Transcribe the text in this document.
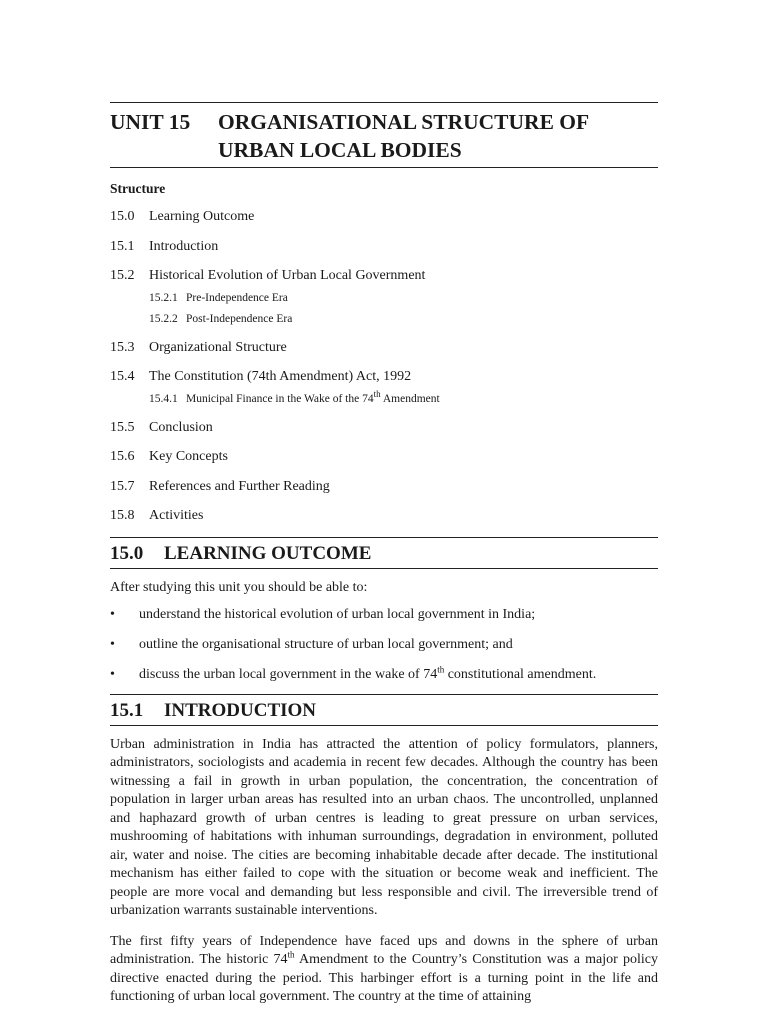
UNIT 15	ORGANISATIONAL STRUCTURE OF
URBAN LOCAL BODIES
Structure
15.0	Learning Outcome
15.1	Introduction
15.2	Historical Evolution of Urban Local Government
15.2.1 Pre-Independence Era
15.2.2 Post-Independence Era
15.3	Organizational Structure
15.4	The Constitution (74th Amendment) Act, 1992
15.4.1 Municipal Finance in the Wake of the 74th Amendment
15.5	Conclusion
15.6	Key Concepts
15.7	References and Further Reading
15.8	Activities
15.0	LEARNING OUTCOME

After studying this unit you should be able to:

•	understand the historical evolution of urban local government in India;
•	outline the organisational structure of urban local government; and
•	discuss the urban local government in the wake of 74th constitutional amendment.
15.1	INTRODUCTION

Urban administration in India has attracted the attention of policy formulators, planners, administrators, sociologists and academia in recent few decades. Although the country has been witnessing a fail in growth in urban population, the concentration, the concentration of population in larger urban areas has resulted into an urban chaos. The uncontrolled, unplanned and haphazard growth of urban centres is leading to great pressure on urban services, mushrooming of habitations with inhuman surroundings, degradation in environment, polluted air, water and noise. The cities are becoming inhabitable decade after decade. The institutional mechanism has either failed to cope with the situation or become weak and inefficient. The people are more vocal and demanding but less responsible and civil. The irreversible trend of urbanization warrants sustainable interventions.

The first fifty years of Independence have faced ups and downs in the sphere of urban administration. The historic 74th Amendment to the Country’s Constitution was a major policy directive enacted during the period. This harbinger effort is a turning point in the life and functioning of urban local government. The country at the time of attaining
